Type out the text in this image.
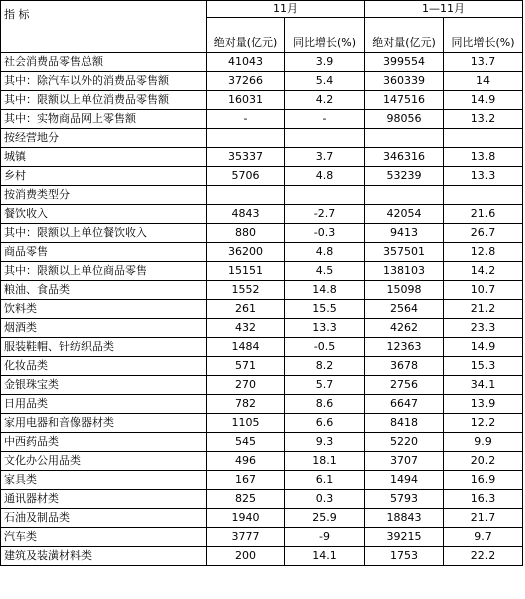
指 标	11月		1—11月	
	绝对量(亿元)	同比增长(%)	绝对量(亿元)	同比增长(%)
社会消费品零售总额	41043	3.9	399554	13.7
其中：除汽车以外的消费品零售额	37266	5.4	360339	14
其中：限额以上单位消费品零售额	16031	4.2	147516	14.9
其中：实物商品网上零售额	-	-	98056	13.2
按经营地分				
城镇	35337	3.7	346316	13.8
乡村	5706	4.8	53239	13.3
按消费类型分				
餐饮收入	4843	-2.7	42054	21.6
其中：限额以上单位餐饮收入	880	-0.3	9413	26.7
商品零售	36200	4.8	357501	12.8
其中：限额以上单位商品零售	15151	4.5	138103	14.2
粮油、食品类	1552	14.8	15098	10.7
饮料类	261	15.5	2564	21.2
烟酒类	432	13.3	4262	23.3
服装鞋帽、针纺织品类	1484	-0.5	12363	14.9
化妆品类	571	8.2	3678	15.3
金银珠宝类	270	5.7	2756	34.1
日用品类	782	8.6	6647	13.9
家用电器和音像器材类	1105	6.6	8418	12.2
中西药品类	545	9.3	5220	9.9
文化办公用品类	496	18.1	3707	20.2
家具类	167	6.1	1494	16.9
通讯器材类	825	0.3	5793	16.3
石油及制品类	1940	25.9	18843	21.7
汽车类	3777	-9	39215	9.7
建筑及装潢材料类	200	14.1	1753	22.2
